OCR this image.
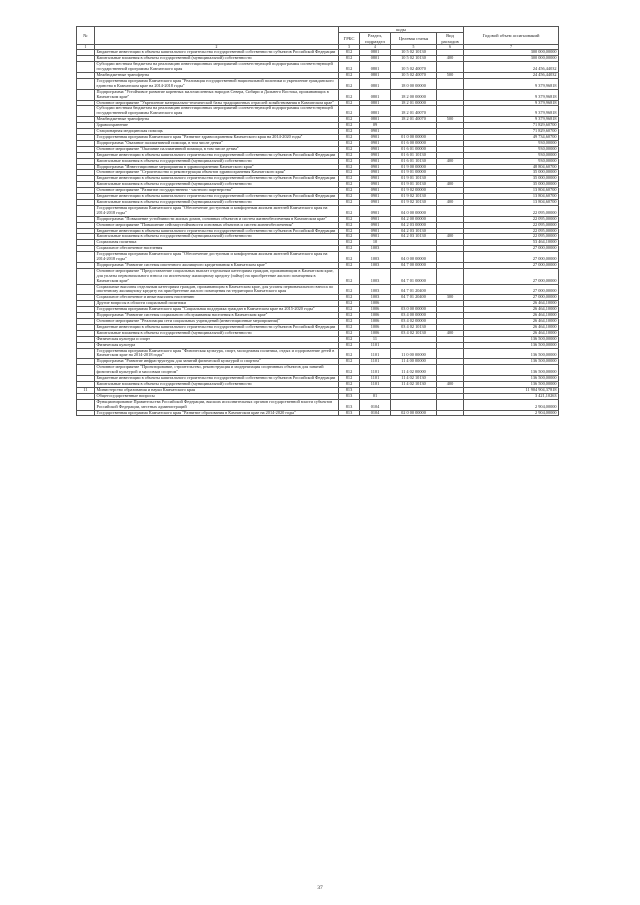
№		коды				Годовой объем ассигнований
		ГРБС	Раздел, подраздел	Целевая статья	Вид расходов	
1	2	3	4	5	6	7
	Бюджетные инвестиции в объекты капитального строительства государственной собственности субъектов Российской Федерации	812	0801	10 5 02 10130		300 000,00000
	Капитальные вложения в объекты государственной (муниципальной) собственности	812	0801	10 5 02 10130	400	300 000,00000
	Субсидии местным бюджетам на реализацию инвестиционных мероприятий соответствующей подпрограммы соответствующей государственной программы Камчатского края	812	0801	10 5 02 40070		24 456,44032
	Межбюджетные трансферты	812	0801	10 5 02 40070	500	24 456,44032
	Государственная программа Камчатского края "Реализация государственной национальной политики и укрепление гражданского единства в Камчатском крае на 2014-2018 годы"	812	0801	18 0 00 00000		9 379,96818
	Подпрограмма "Устойчивое развитие коренных малочисленных народов Севера, Сибири и Дальнего Востока, проживающих в Камчатском крае"	812	0801	18 2 00 00000		9 379,96818
	Основное мероприятие "Укрепление материально-технической базы традиционных отраслей хозяйствования в Камчатском крае"	812	0801	18 2 01 00000		9 379,96818
	Субсидии местным бюджетам на реализацию инвестиционных мероприятий соответствующей подпрограммы соответствующей государственной программы Камчатского края	812	0801	18 2 01 40070		9 379,96818
	Межбюджетные трансферты	812	0801	18 2 01 40070	500	9 379,96818
	Здравоохранение	812	09			71 829,60700
	Стационарная медицинская помощь	812	0901			71 829,60700
	Государственная программа Камчатского края "Развитие здравоохранения Камчатского края на 2014-2020 годы"	812	0901	01 0 00 00000		49 734,60700
	Подпрограмма "Оказание паллиативной помощи, в том числе детям"	812	0901	01 6 00 00000		930,00000
	Основное мероприятие "Оказание паллиативной помощи, в том числе детям"	812	0901	01 6 01 00000		930,00000
	Бюджетные инвестиции в объекты капитального строительства государственной собственности субъектов Российской Федерации	812	0901	01 6 01 10130		930,00000
	Капитальные вложения в объекты государственной (муниципальной) собственности	812	0901	01 6 01 10130	400	930,00000
	Подпрограмма "Инвестиционные мероприятия в здравоохранении Камчатского края"	812	0901	01 9 00 00000		48 804,60700
	Основное мероприятие "Строительство и реконструкция объектов здравоохранения Камчатского края"	812	0901	01 9 01 00000		35 000,00000
	Бюджетные инвестиции в объекты капитального строительства государственной собственности субъектов Российской Федерации	812	0901	01 9 01 10130		35 000,00000
	Капитальные вложения в объекты государственной (муниципальной) собственности	812	0901	01 9 01 10130	400	35 000,00000
	Основное мероприятие "Развитие государственно - частного партнерства"	812	0901	01 9 02 00000		13 804,60700
	Бюджетные инвестиции в объекты капитального строительства государственной собственности субъектов Российской Федерации	812	0901	01 9 02 10130		13 804,60700
	Капитальные вложения в объекты государственной (муниципальной) собственности	812	0901	01 9 02 10130	400	13 804,60700
	Государственная программа Камчатского края "Обеспечение доступным и комфортным жильем жителей Камчатского края на 2014-2018 годы"	812	0901	04 0 00 00000		22 095,00000
	Подпрограмма "Повышение устойчивости жилых домов, основных объектов и систем жизнеобеспечения в Камчатском крае"	812	0901	04 2 00 00000		22 095,00000
	Основное мероприятие "Повышение сейсмоустойчивости основных объектов и систем жизнеобеспечения"	812	0901	04 2 03 00000		22 095,00000
	Бюджетные инвестиции в объекты капитального строительства государственной собственности субъектов Российской Федерации	812	0901	04 2 03 10130		22 095,00000
	Капитальные вложения в объекты государственной (муниципальной) собственности	812	0901	04 2 03 10130	400	22 095,00000
	Социальная политика	812	10			53 464,10000
	Социальное обеспечение населения	812	1003			27 000,00000
	Государственная программа Камчатского края "Обеспечение доступным и комфортным жильем жителей Камчатского края на 2014-2018 годы"	812	1003	04 0 00 00000		27 000,00000
	Подпрограмма "Развитие системы ипотечного жилищного кредитования в Камчатском крае"	812	1003	04 7 00 00000		27 000,00000
	Основное мероприятие "Предоставление социальных выплат отдельным категориям граждан, проживающим в Камчатском крае, для уплаты первоначального взноса по ипотечному жилищному кредиту (займу) на приобретение жилого помещения в Камчатском крае"	812	1003	04 7 01 00000		27 000,00000
	Социальные выплаты отдельным категориям граждан, проживающим в Камчатском крае, для уплаты первоначального взноса по ипотечному жилищному кредиту на приобретение жилого помещения на территории Камчатского края	812	1003	04 7 01 20400		27 000,00000
	Социальное обеспечение и иные выплаты населению	812	1003	04 7 01 20400	300	27 000,00000
	Другие вопросы в области социальной политики	812	1006			26 464,10000
	Государственная программа Камчатского края "Социальная поддержка граждан в Камчатском крае на 2015-2020 годы"	812	1006	03 0 00 00000		26 464,10000
	Подпрограмма "Развитие системы социального обслуживания населения в Камчатском крае"	812	1006	03 4 00 00000		26 464,10000
	Основное мероприятие "Реализация сети социальных учреждений (инвестиционные мероприятия)"	812	1006	03 4 02 00000		26 464,10000
	Бюджетные инвестиции в объекты капитального строительства государственной собственности субъектов Российской Федерации	812	1006	03 4 02 10130		26 464,10000
	Капитальные вложения в объекты государственной (муниципальной) собственности	812	1006	03 4 02 10130	400	26 464,10000
	Физическая культура и спорт	812	11			136 500,00000
	Физическая культура	812	1101			136 500,00000
	Государственная программа Камчатского края "Физическая культура, спорт, молодежная политика, отдых и оздоровление детей в Камчатском крае на 2014-2018 годы"	812	1101	11 0 00 00000		136 500,00000
	Подпрограмма "Развитие инфраструктуры для занятий физической культурой и спортом"	812	1101	11 4 00 00000		136 500,00000
	Основное мероприятие "Проектирование, строительство, реконструкция и модернизация спортивных объектов для занятий физической культурой и массовым спортом"	812	1101	11 4 02 00000		136 500,00000
	Бюджетные инвестиции в объекты капитального строительства государственной собственности субъектов Российской Федерации	812	1101	11 4 02 10130		136 500,00000
	Капитальные вложения в объекты государственной (муниципальной) собственности	812	1101	11 4 02 10130	400	136 500,00000
11	Министерство образования и науки Камчатского края	813				11 904 904,37818
	Общегосударственные вопросы	813	01			3 421,10263
	Функционирование Правительства Российской Федерации, высших исполнительных органов государственной власти субъектов Российской Федерации, местных администраций	813	0104			2 904,00000
	Государственная программа Камчатского края "Развитие образования в Камчатском крае на 2014-2020 годы"	813	0104	02 0 00 00000		2 904,00000
37
